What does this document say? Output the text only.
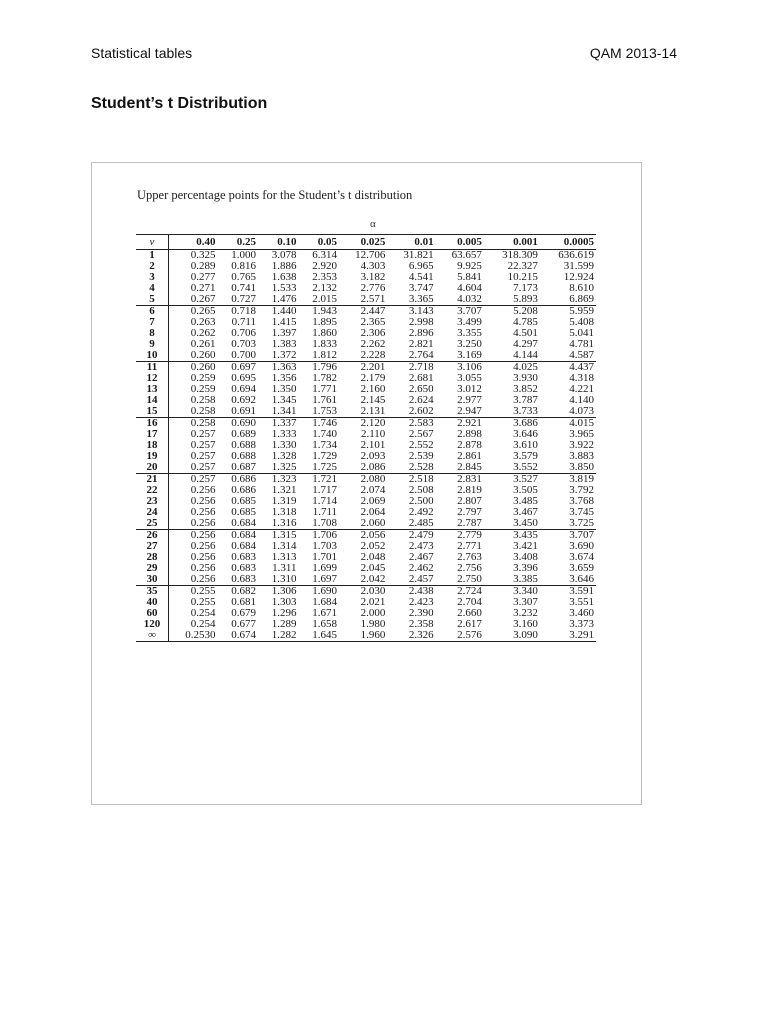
Statistical tables	QAM 2013-14
Student’s t Distribution
Upper percentage points for the Student’s t distribution
α
ν	0.40	0.25	0.10	0.05	0.025	0.01	0.005	0.001	0.0005
1	0.325	1.000	3.078	6.314	12.706	31.821	63.657	318.309	636.619
2	0.289	0.816	1.886	2.920	4.303	6.965	9.925	22.327	31.599
3	0.277	0.765	1.638	2.353	3.182	4.541	5.841	10.215	12.924
4	0.271	0.741	1.533	2.132	2.776	3.747	4.604	7.173	8.610
5	0.267	0.727	1.476	2.015	2.571	3.365	4.032	5.893	6.869
6	0.265	0.718	1.440	1.943	2.447	3.143	3.707	5.208	5.959
7	0.263	0.711	1.415	1.895	2.365	2.998	3.499	4.785	5.408
8	0.262	0.706	1.397	1.860	2.306	2.896	3.355	4.501	5.041
9	0.261	0.703	1.383	1.833	2.262	2.821	3.250	4.297	4.781
10	0.260	0.700	1.372	1.812	2.228	2.764	3.169	4.144	4.587
11	0.260	0.697	1.363	1.796	2.201	2.718	3.106	4.025	4.437
12	0.259	0.695	1.356	1.782	2.179	2.681	3.055	3.930	4.318
13	0.259	0.694	1.350	1.771	2.160	2.650	3.012	3.852	4.221
14	0.258	0.692	1.345	1.761	2.145	2.624	2.977	3.787	4.140
15	0.258	0.691	1.341	1.753	2.131	2.602	2.947	3.733	4.073
16	0.258	0.690	1.337	1.746	2.120	2.583	2.921	3.686	4.015
17	0.257	0.689	1.333	1.740	2.110	2.567	2.898	3.646	3.965
18	0.257	0.688	1.330	1.734	2.101	2.552	2.878	3.610	3.922
19	0.257	0.688	1.328	1.729	2.093	2.539	2.861	3.579	3.883
20	0.257	0.687	1.325	1.725	2.086	2.528	2.845	3.552	3.850
21	0.257	0.686	1.323	1.721	2.080	2.518	2.831	3.527	3.819
22	0.256	0.686	1.321	1.717	2.074	2.508	2.819	3.505	3.792
23	0.256	0.685	1.319	1.714	2.069	2.500	2.807	3.485	3.768
24	0.256	0.685	1.318	1.711	2.064	2.492	2.797	3.467	3.745
25	0.256	0.684	1.316	1.708	2.060	2.485	2.787	3.450	3.725
26	0.256	0.684	1.315	1.706	2.056	2.479	2.779	3.435	3.707
27	0.256	0.684	1.314	1.703	2.052	2.473	2.771	3.421	3.690
28	0.256	0.683	1.313	1.701	2.048	2.467	2.763	3.408	3.674
29	0.256	0.683	1.311	1.699	2.045	2.462	2.756	3.396	3.659
30	0.256	0.683	1.310	1.697	2.042	2.457	2.750	3.385	3.646
35	0.255	0.682	1.306	1.690	2.030	2.438	2.724	3.340	3.591
40	0.255	0.681	1.303	1.684	2.021	2.423	2.704	3.307	3.551
60	0.254	0.679	1.296	1.671	2.000	2.390	2.660	3.232	3.460
120	0.254	0.677	1.289	1.658	1.980	2.358	2.617	3.160	3.373
∞	0.2530	0.674	1.282	1.645	1.960	2.326	2.576	3.090	3.291
